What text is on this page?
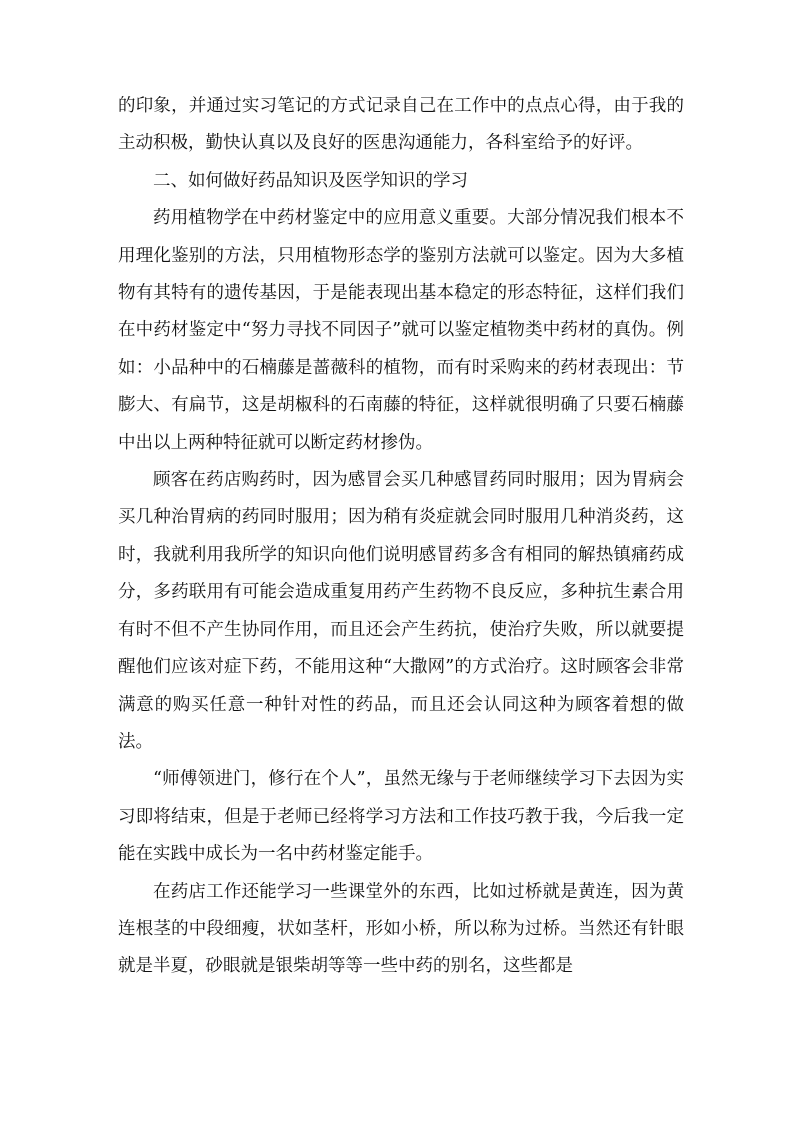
的印象，并通过实习笔记的方式记录自己在工作中的点点心得，由于我的主动积极，勤快认真以及良好的医患沟通能力，各科室给予的好评。

二、如何做好药品知识及医学知识的学习

药用植物学在中药材鉴定中的应用意义重要。大部分情况我们根本不用理化鉴别的方法，只用植物形态学的鉴别方法就可以鉴定。因为大多植物有其特有的遗传基因，于是能表现出基本稳定的形态特征，这样们我们在中药材鉴定中“努力寻找不同因子”就可以鉴定植物类中药材的真伪。例如：小品种中的石楠藤是蔷薇科的植物，而有时采购来的药材表现出：节膨大、有扁节，这是胡椒科的石南藤的特征，这样就很明确了只要石楠藤中出以上两种特征就可以断定药材掺伪。

顾客在药店购药时，因为感冒会买几种感冒药同时服用；因为胃病会买几种治胃病的药同时服用；因为稍有炎症就会同时服用几种消炎药，这时，我就利用我所学的知识向他们说明感冒药多含有相同的解热镇痛药成分，多药联用有可能会造成重复用药产生药物不良反应，多种抗生素合用有时不但不产生协同作用，而且还会产生药抗，使治疗失败，所以就要提醒他们应该对症下药，不能用这种“大撒网”的方式治疗。这时顾客会非常满意的购买任意一种针对性的药品，而且还会认同这种为顾客着想的做法。

“师傅领进门，修行在个人”，虽然无缘与于老师继续学习下去因为实习即将结束，但是于老师已经将学习方法和工作技巧教于我，今后我一定能在实践中成长为一名中药材鉴定能手。

在药店工作还能学习一些课堂外的东西，比如过桥就是黄连，因为黄连根茎的中段细瘦，状如茎杆，形如小桥，所以称为过桥。当然还有针眼就是半夏，砂眼就是银柴胡等等一些中药的别名，这些都是
